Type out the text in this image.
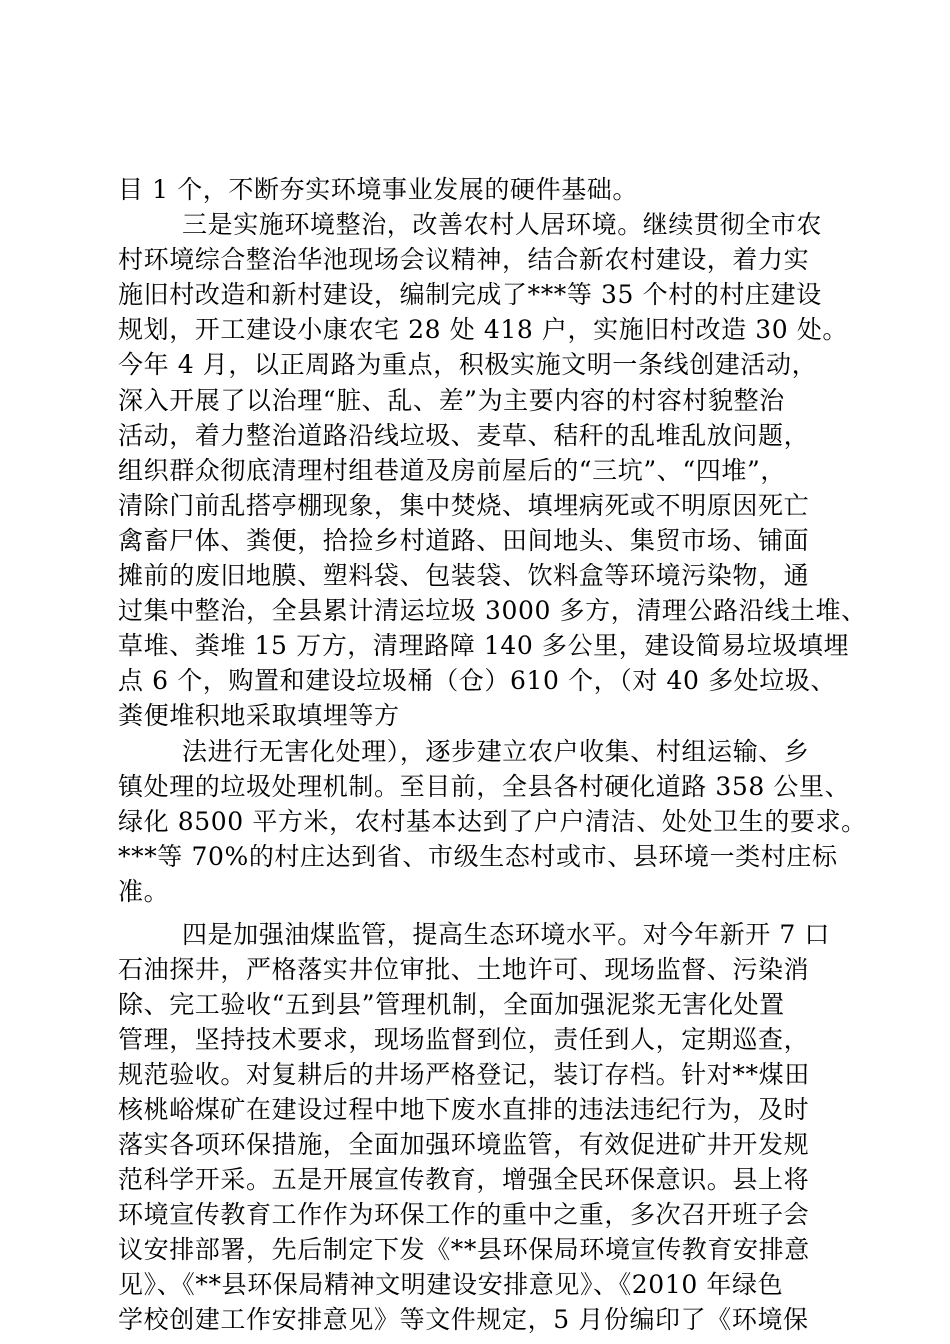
目 1 个，不断夯实环境事业发展的硬件基础。
三是实施环境整治，改善农村人居环境。继续贯彻全市农
村环境综合整治华池现场会议精神，结合新农村建设，着力实
施旧村改造和新村建设，编制完成了***等 35 个村的村庄建设
规划，开工建设小康农宅 28 处 418 户，实施旧村改造 30 处。
今年 4 月，以正周路为重点，积极实施文明一条线创建活动，
深入开展了以治理“脏、乱、差”为主要内容的村容村貌整治
活动，着力整治道路沿线垃圾、麦草、秸秆的乱堆乱放问题，
组织群众彻底清理村组巷道及房前屋后的“三坑”、“四堆”，
清除门前乱搭亭棚现象，集中焚烧、填埋病死或不明原因死亡
禽畜尸体、粪便，拾捡乡村道路、田间地头、集贸市场、铺面
摊前的废旧地膜、塑料袋、包装袋、饮料盒等环境污染物，通
过集中整治，全县累计清运垃圾 3000 多方，清理公路沿线土堆、
草堆、粪堆 15 万方，清理路障 140 多公里，建设简易垃圾填埋
点 6 个，购置和建设垃圾桶（仓）610 个，（对 40 多处垃圾、
粪便堆积地采取填埋等方
法进行无害化处理），逐步建立农户收集、村组运输、乡
镇处理的垃圾处理机制。至目前，全县各村硬化道路 358 公里、
绿化 8500 平方米，农村基本达到了户户清洁、处处卫生的要求。
***等 70%的村庄达到省、市级生态村或市、县环境一类村庄标
准。
四是加强油煤监管，提高生态环境水平。对今年新开 7 口
石油探井，严格落实井位审批、土地许可、现场监督、污染消
除、完工验收“五到县”管理机制，全面加强泥浆无害化处置
管理，坚持技术要求，现场监督到位，责任到人，定期巡查，
规范验收。对复耕后的井场严格登记，装订存档。针对**煤田
核桃峪煤矿在建设过程中地下废水直排的违法违纪行为，及时
落实各项环保措施，全面加强环境监管，有效促进矿井开发规
范科学开采。五是开展宣传教育，增强全民环保意识。县上将
环境宣传教育工作作为环保工作的重中之重，多次召开班子会
议安排部署，先后制定下发《**县环保局环境宣传教育安排意
见》、《**县环保局精神文明建设安排意见》、《2010 年绿色
学校创建工作安排意见》等文件规定，5 月份编印了《环境保
